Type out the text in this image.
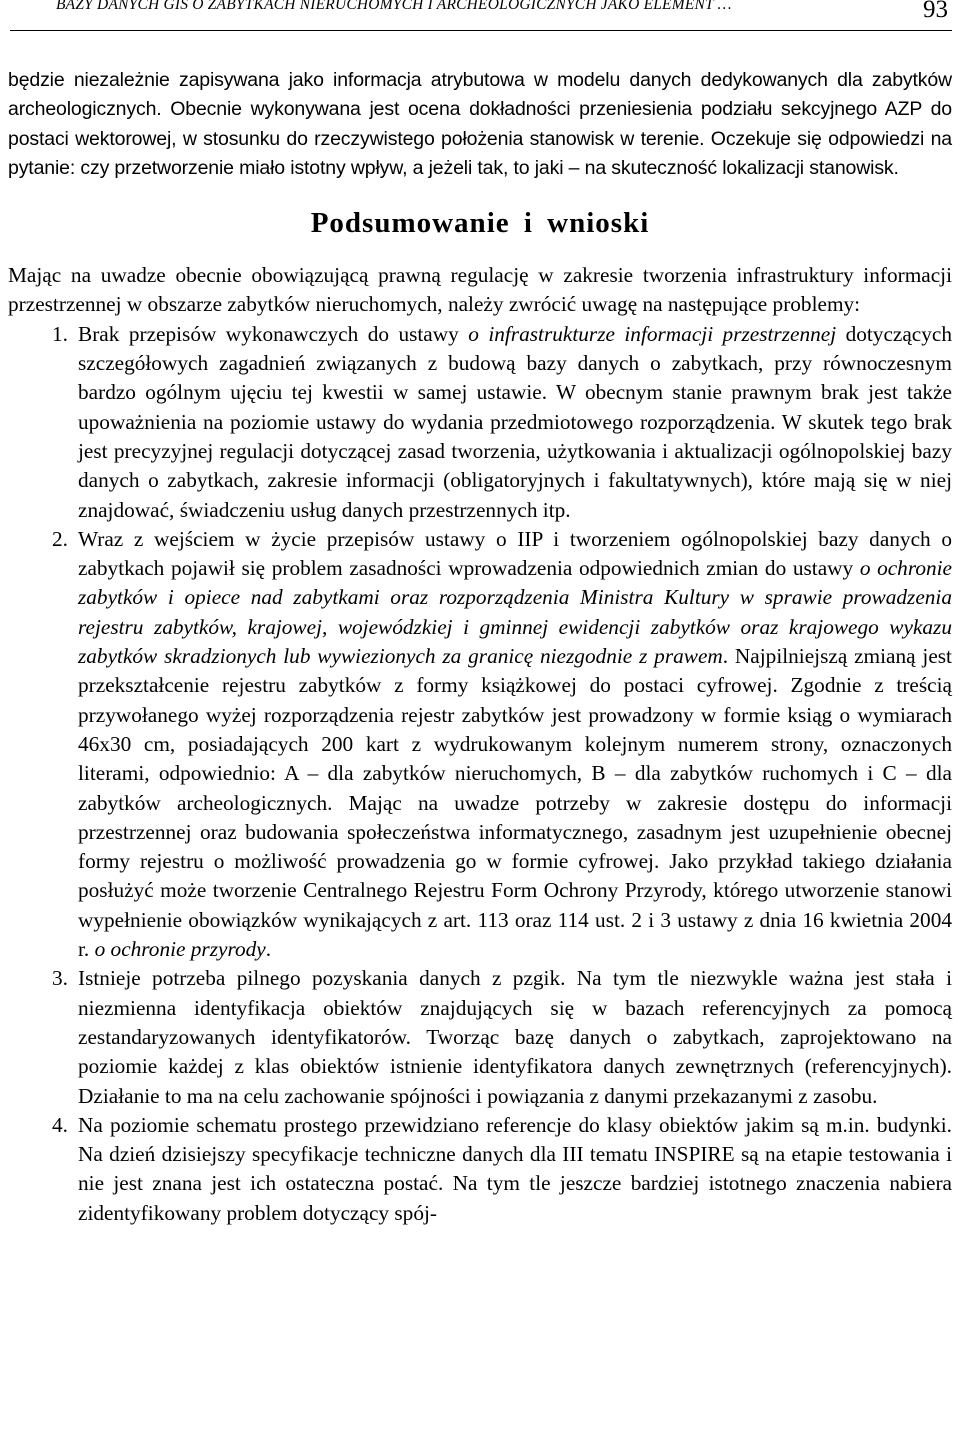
BAZY DANYCH GIS O ZABYTKACH NIERUCHOMYCH I ARCHEOLOGICZNYCH JAKO ELEMENT …	93

będzie niezależnie zapisywana jako informacja atrybutowa w modelu danych dedykowanych dla zabytków archeologicznych. Obecnie wykonywana jest ocena dokładności przeniesienia podziału sekcyjnego AZP do postaci wektorowej, w stosunku do rzeczywistego położenia stanowisk w terenie. Oczekuje się odpowiedzi na pytanie: czy przetworzenie miało istotny wpływ, a jeżeli tak, to jaki – na skuteczność lokalizacji stanowisk.

Podsumowanie i wnioski

Mając na uwadze obecnie obowiązującą prawną regulację w zakresie tworzenia infrastruktury informacji przestrzennej w obszarze zabytków nieruchomych, należy zwrócić uwagę na następujące problemy:

1. Brak przepisów wykonawczych do ustawy o infrastrukturze informacji przestrzennej dotyczących szczegółowych zagadnień związanych z budową bazy danych o zabytkach, przy równoczesnym bardzo ogólnym ujęciu tej kwestii w samej ustawie. W obecnym stanie prawnym brak jest także upoważnienia na poziomie ustawy do wydania przedmiotowego rozporządzenia. W skutek tego brak jest precyzyjnej regulacji dotyczącej zasad tworzenia, użytkowania i aktualizacji ogólnopolskiej bazy danych o zabytkach, zakresie informacji (obligatoryjnych i fakultatywnych), które mają się w niej znajdować, świadczeniu usług danych przestrzennych itp.
2. Wraz z wejściem w życie przepisów ustawy o IIP i tworzeniem ogólnopolskiej bazy danych o zabytkach pojawił się problem zasadności wprowadzenia odpowiednich zmian do ustawy o ochronie zabytków i opiece nad zabytkami oraz rozporządzenia Ministra Kultury w sprawie prowadzenia rejestru zabytków, krajowej, wojewódzkiej i gminnej ewidencji zabytków oraz krajowego wykazu zabytków skradzionych lub wywiezionych za granicę niezgodnie z prawem. Najpilniejszą zmianą jest przekształcenie rejestru zabytków z formy książkowej do postaci cyfrowej. Zgodnie z treścią przywołanego wyżej rozporządzenia rejestr zabytków jest prowadzony w formie ksiąg o wymiarach 46x30 cm, posiadających 200 kart z wydrukowanym kolejnym numerem strony, oznaczonych literami, odpowiednio: A – dla zabytków nieruchomych, B – dla zabytków ruchomych i C – dla zabytków archeologicznych. Mając na uwadze potrzeby w zakresie dostępu do informacji przestrzennej oraz budowania społeczeństwa informatycznego, zasadnym jest uzupełnienie obecnej formy rejestru o możliwość prowadzenia go w formie cyfrowej. Jako przykład takiego działania posłużyć może tworzenie Centralnego Rejestru Form Ochrony Przyrody, którego utworzenie stanowi wypełnienie obowiązków wynikających z art. 113 oraz 114 ust. 2 i 3 ustawy z dnia 16 kwietnia 2004 r. o ochronie przyrody.
3. Istnieje potrzeba pilnego pozyskania danych z pzgik. Na tym tle niezwykle ważna jest stała i niezmienna identyfikacja obiektów znajdujących się w bazach referencyjnych za pomocą zestandaryzowanych identyfikatorów. Tworząc bazę danych o zabytkach, zaprojektowano na poziomie każdej z klas obiektów istnienie identyfikatora danych zewnętrznych (referencyjnych). Działanie to ma na celu zachowanie spójności i powiązania z danymi przekazanymi z zasobu.
4. Na poziomie schematu prostego przewidziano referencje do klasy obiektów jakim są m.in. budynki. Na dzień dzisiejszy specyfikacje techniczne danych dla III tematu INSPIRE są na etapie testowania i nie jest znana jest ich ostateczna postać. Na tym tle jeszcze bardziej istotnego znaczenia nabiera zidentyfikowany problem dotyczący spój-
